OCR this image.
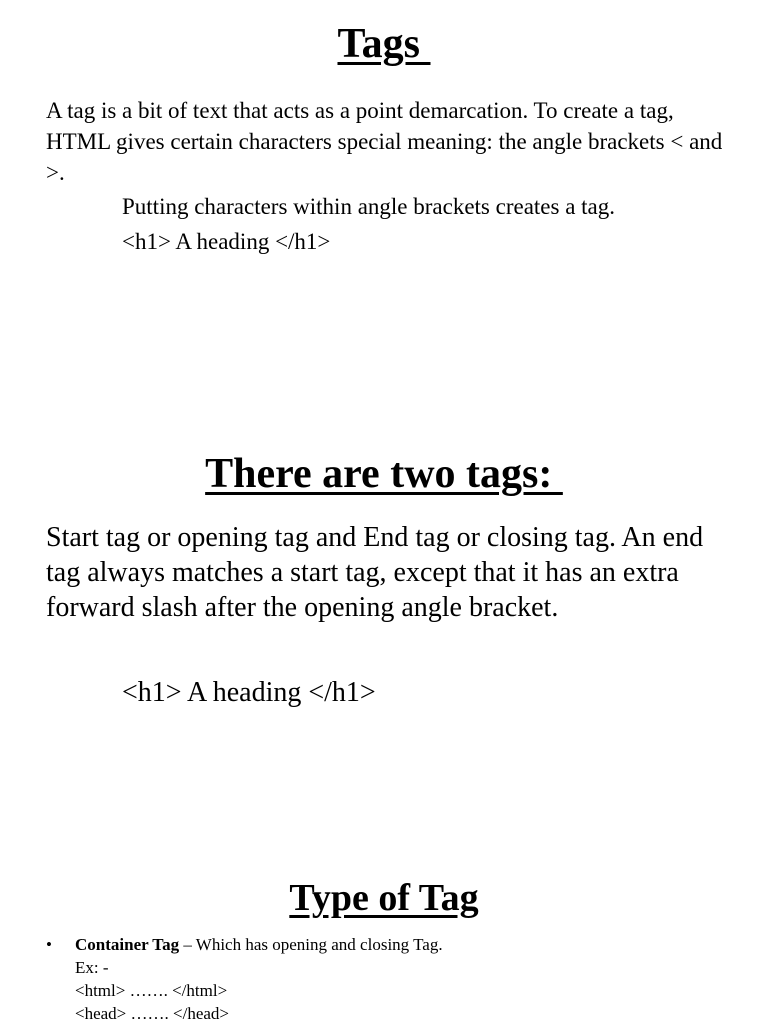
Tags
A tag is a bit of text that acts as a point demarcation. To create a tag, HTML gives certain characters special meaning: the angle brackets < and >.
Putting characters within angle brackets creates a tag.
<h1> A heading </h1>
There are two tags:
Start tag or opening tag and End tag or closing tag. An end tag always matches a start tag, except that it has an extra forward slash after the opening angle bracket.
<h1> A heading </h1>
Type of Tag
•	Container Tag – Which has opening and closing Tag.
Ex: -
<html> ……. </html>
<head> ……. </head>
